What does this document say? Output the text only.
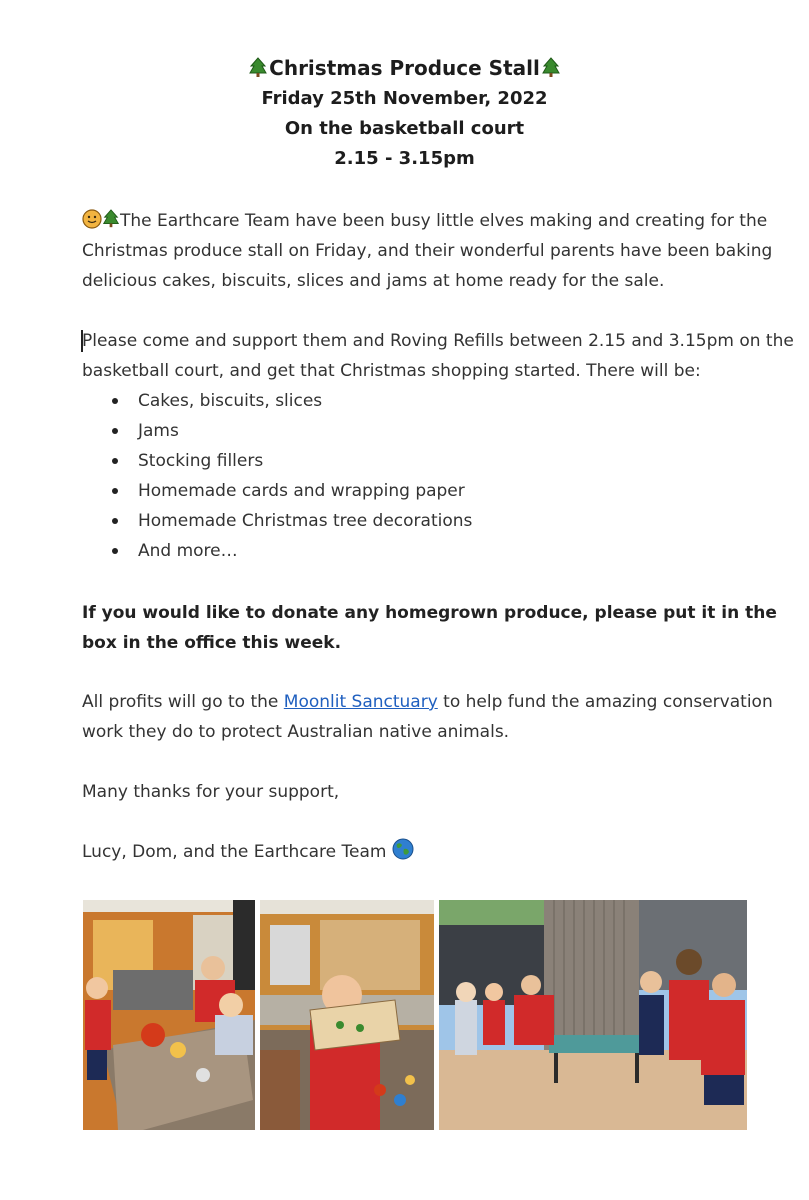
Christmas Produce Stall
Friday 25th November, 2022
On the basketball court
2.15 - 3.15pm
The Earthcare Team have been busy little elves making and creating for the Christmas produce stall on Friday, and their wonderful parents have been baking delicious cakes, biscuits, slices and jams at home ready for the sale.
Please come and support them and Roving Refills between 2.15 and 3.15pm on the basketball court, and get that Christmas shopping started. There will be:
Cakes, biscuits, slices
Jams
Stocking fillers
Homemade cards and wrapping paper
Homemade Christmas tree decorations
And more…
If you would like to donate any homegrown produce, please put it in the box in the office this week.
All profits will go to the Moonlit Sanctuary to help fund the amazing conservation work they do to protect Australian native animals.
Many thanks for your support,
Lucy, Dom, and the Earthcare Team
